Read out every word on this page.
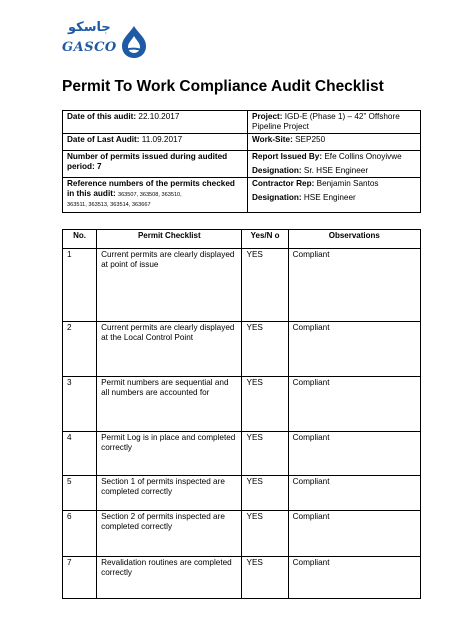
جاسكو
GASCO
Permit To Work Compliance Audit Checklist
Date of this audit: 22.10.2017	Project: IGD-E (Phase 1) – 42” Offshore Pipeline Project
Date of Last Audit: 11.09.2017	Work-Site: SEP250
Number of permits issued during audited period: 7	Report Issued By: Efe Collins Onoyivwe
Designation: Sr. HSE Engineer
Reference numbers of the permits checked in this audit: 363507, 363508, 363510,
363511, 363513, 363514, 363667	Contractor Rep: Benjamin Santos
Designation: HSE Engineer
No.	Permit Checklist	Yes/N o	Observations
1	Current permits are clearly displayed at point of issue	YES	Compliant
2	Current permits are clearly displayed at the Local Control Point	YES	Compliant
3	Permit numbers are sequential and all numbers are accounted for	YES	Compliant
4	Permit Log is in place and completed correctly	YES	Compliant
5	Section 1 of permits inspected are completed correctly	YES	Compliant
6	Section 2 of permits inspected are completed correctly	YES	Compliant
7	Revalidation routines are completed correctly	YES	Compliant
